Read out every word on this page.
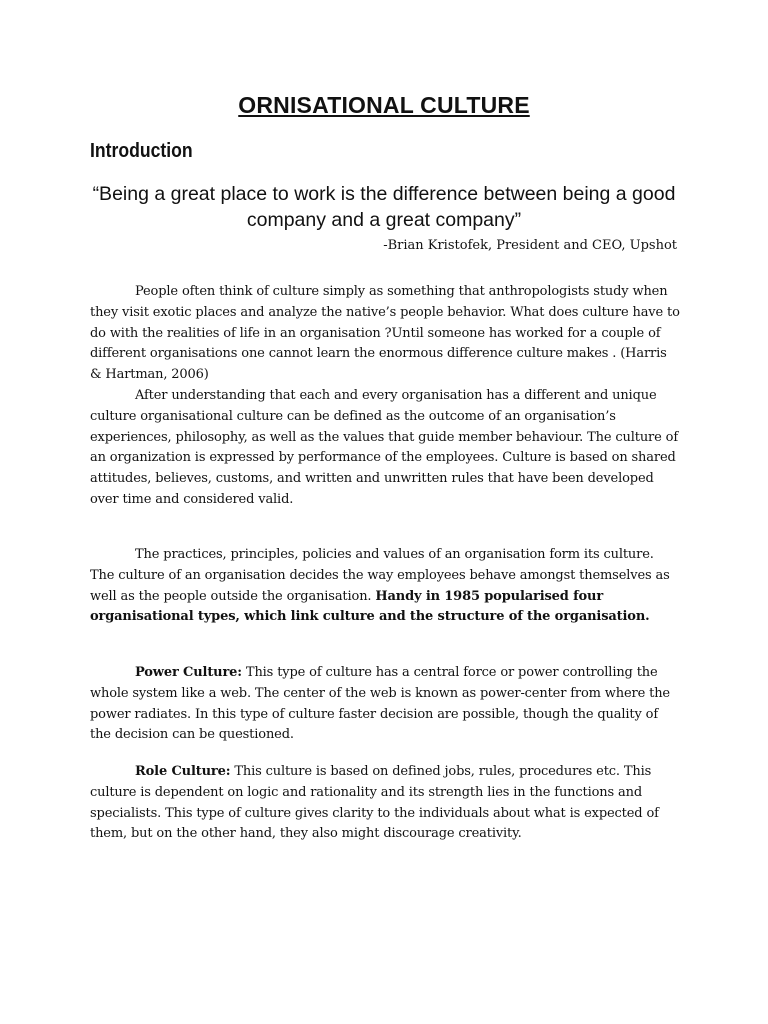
ORNISATIONAL CULTURE
Introduction

“Being a great place to work is the difference between being a good company and a great company”

-Brian Kristofek, President and CEO, Upshot

People often think of culture simply as something that anthropologists study when they visit exotic places and analyze the native’s people behavior. What does culture have to do with the realities of life in an organisation ?Until someone has worked for a couple of different organisations one cannot learn the enormous difference culture makes . (Harris & Hartman, 2006)

After understanding that each and every organisation has a different and unique culture organisational culture can be defined as the outcome of an organisation’s experiences, philosophy, as well as the values that guide member behaviour. The culture of an organization is expressed by performance of the employees. Culture is based on shared attitudes, believes, customs, and written and unwritten rules that have been developed over time and considered valid.

The practices, principles, policies and values of an organisation form its culture. The culture of an organisation decides the way employees behave amongst themselves as well as the people outside the organisation. Handy in 1985 popularised four organisational types, which link culture and the structure of the organisation.

Power Culture: This type of culture has a central force or power controlling the whole system like a web. The center of the web is known as power-center from where the power radiates. In this type of culture faster decision are possible, though the quality of the decision can be questioned.

Role Culture: This culture is based on defined jobs, rules, procedures etc. This culture is dependent on logic and rationality and its strength lies in the functions and specialists. This type of culture gives clarity to the individuals about what is expected of them, but on the other hand, they also might discourage creativity.
